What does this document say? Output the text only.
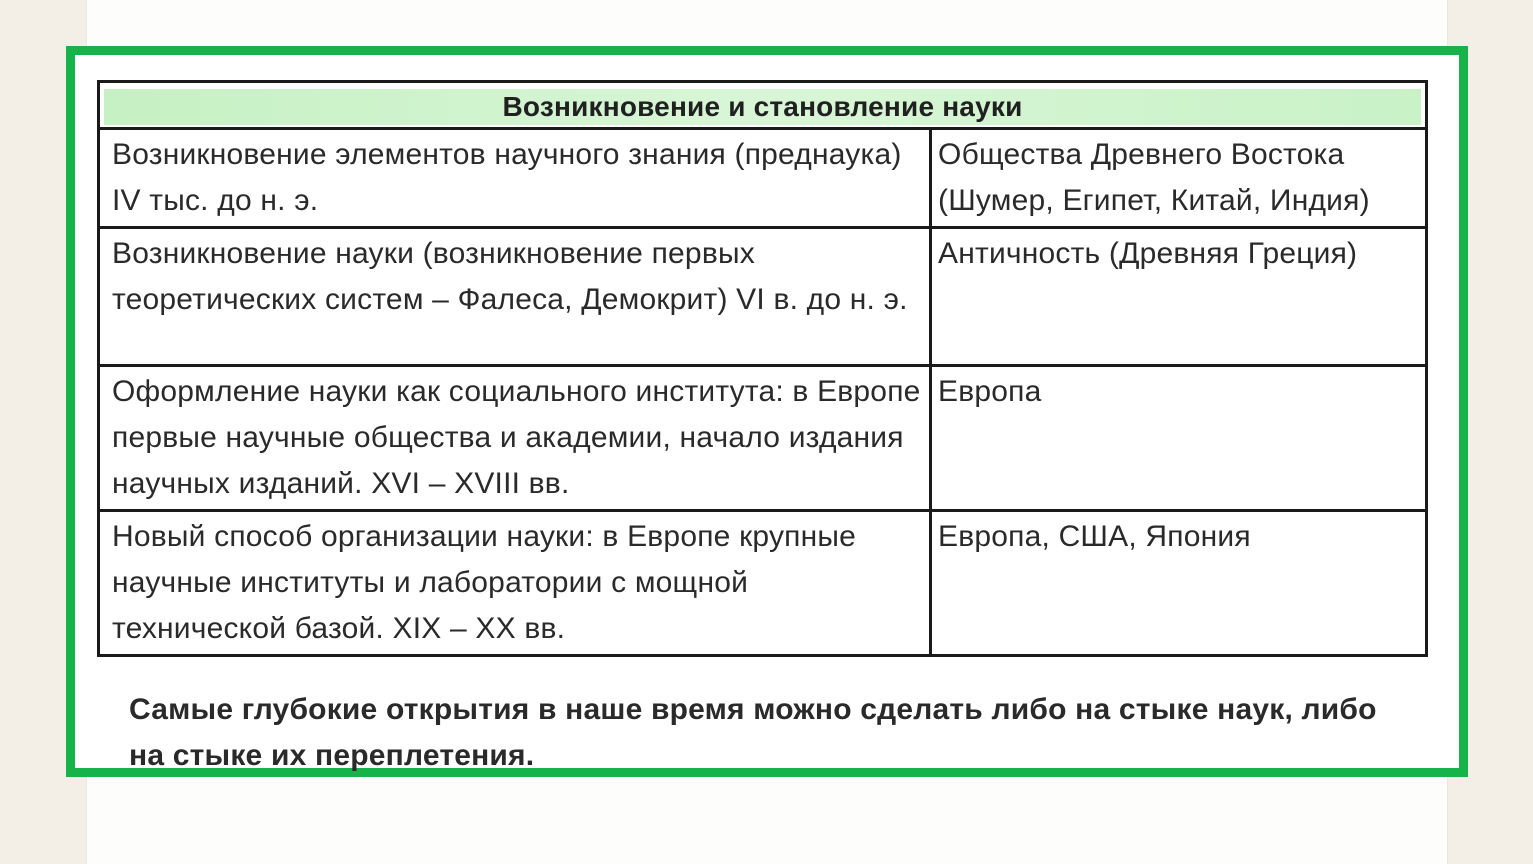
Возникновение и становление науки	

Возникновение элементов научного знания (преднаука) IV тыс. до н. э.	Общества Древнего Востока (Шумер, Египет, Китай, Индия)
Возникновение науки (возникновение первых теоретических систем – Фалеса, Демокрит) VI в. до н. э.	Античность (Древняя Греция)
Оформление науки как социального института: в Европе первые научные общества и академии, начало издания научных изданий. XVI – XVIII вв.	Европа
Новый способ организации науки: в Европе крупные научные институты и лаборатории с мощной технической базой. XIX – XX вв.	Европа, США, Япония

Самые глубокие открытия в наше время можно сделать либо на стыке наук, либо на стыке их переплетения.
